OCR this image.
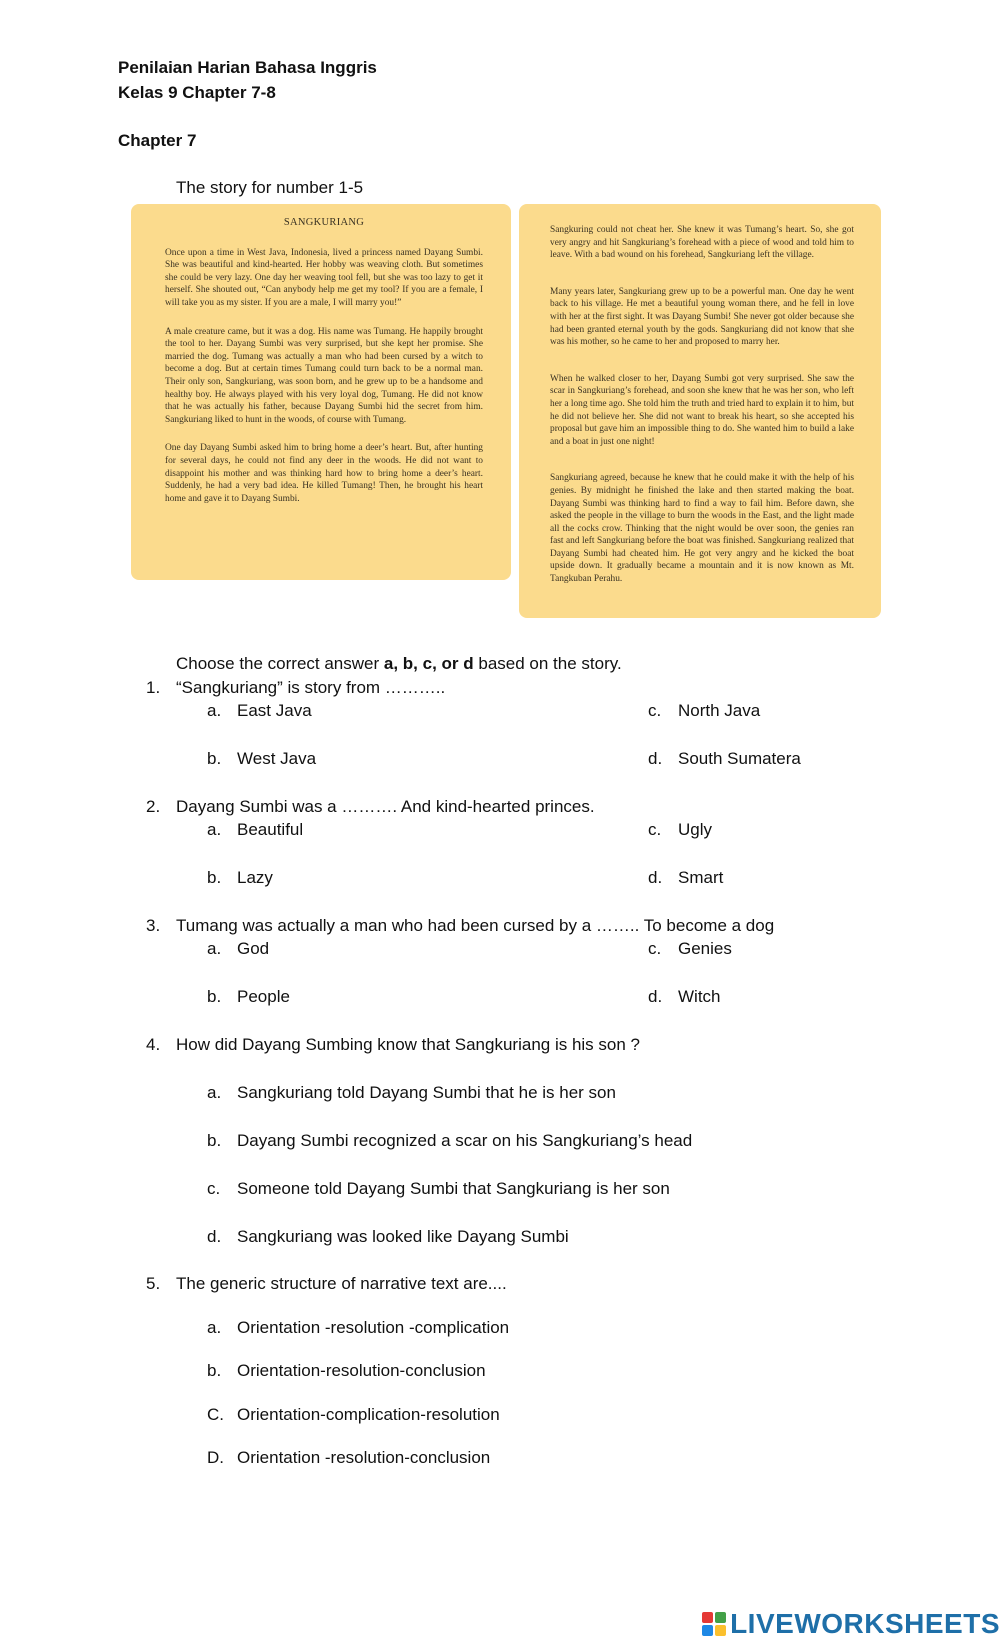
Penilaian Harian Bahasa Inggris
Kelas 9 Chapter 7-8
Chapter 7
The story for number 1-5

SANGKURIANG

Once upon a time in West Java, Indonesia, lived a princess named Dayang Sumbi. She was beautiful and kind-hearted. Her hobby was weaving cloth. But sometimes she could be very lazy. One day her weaving tool fell, but she was too lazy to get it herself. She shouted out, “Can anybody help me get my tool? If you are a female, I will take you as my sister. If you are a male, I will marry you!”

A male creature came, but it was a dog. His name was Tumang. He happily brought the tool to her. Dayang Sumbi was very surprised, but she kept her promise. She married the dog. Tumang was actually a man who had been cursed by a witch to become a dog. But at certain times Tumang could turn back to be a normal man. Their only son, Sangkuriang, was soon born, and he grew up to be a handsome and healthy boy. He always played with his very loyal dog, Tumang. He did not know that he was actually his father, because Dayang Sumbi hid the secret from him. Sangkuriang liked to hunt in the woods, of course with Tumang.

One day Dayang Sumbi asked him to bring home a deer’s heart. But, after hunting for several days, he could not find any deer in the woods. He did not want to disappoint his mother and was thinking hard how to bring home a deer’s heart. Suddenly, he had a very bad idea. He killed Tumang! Then, he brought his heart home and gave it to Dayang Sumbi.

Sangkuring could not cheat her. She knew it was Tumang’s heart. So, she got very angry and hit Sangkuriang’s forehead with a piece of wood and told him to leave. With a bad wound on his forehead, Sangkuriang left the village.

Many years later, Sangkuriang grew up to be a powerful man. One day he went back to his village. He met a beautiful young woman there, and he fell in love with her at the first sight. It was Dayang Sumbi! She never got older because she had been granted eternal youth by the gods. Sangkuriang did not know that she was his mother, so he came to her and proposed to marry her.

When he walked closer to her, Dayang Sumbi got very surprised. She saw the scar in Sangkuriang’s forehead, and soon she knew that he was her son, who left her a long time ago. She told him the truth and tried hard to explain it to him, but he did not believe her. She did not want to break his heart, so she accepted his proposal but gave him an impossible thing to do. She wanted him to build a lake and a boat in just one night!

Sangkuriang agreed, because he knew that he could make it with the help of his genies. By midnight he finished the lake and then started making the boat. Dayang Sumbi was thinking hard to find a way to fail him. Before dawn, she asked the people in the village to burn the woods in the East, and the light made all the cocks crow. Thinking that the night would be over soon, the genies ran fast and left Sangkuriang before the boat was finished. Sangkuriang realized that Dayang Sumbi had cheated him. He got very angry and he kicked the boat upside down. It gradually became a mountain and it is now known as Mt. Tangkuban Perahu.

Choose the correct answer a, b, c, or d based on the story.
1. “Sangkuriang” is story from ………..
a. East Java
b. West Java
c. North Java
d. South Sumatera
2. Dayang Sumbi was a ………. And kind-hearted princes.
a. Beautiful
b. Lazy
c. Ugly
d. Smart
3. Tumang was actually a man who had been cursed by a …….. To become a dog
a. God
b. People
c. Genies
d. Witch
4. How did Dayang Sumbing know that Sangkuriang is his son ?
a. Sangkuriang told Dayang Sumbi that he is her son
b. Dayang Sumbi recognized a scar on his Sangkuriang’s head
c. Someone told Dayang Sumbi that Sangkuriang is her son
d. Sangkuriang was looked like Dayang Sumbi
5. The generic structure of narrative text are....
a. Orientation -resolution -complication
b. Orientation-resolution-conclusion
C. Orientation-complication-resolution
D. Orientation -resolution-conclusion
LIVEWORKSHEETS
